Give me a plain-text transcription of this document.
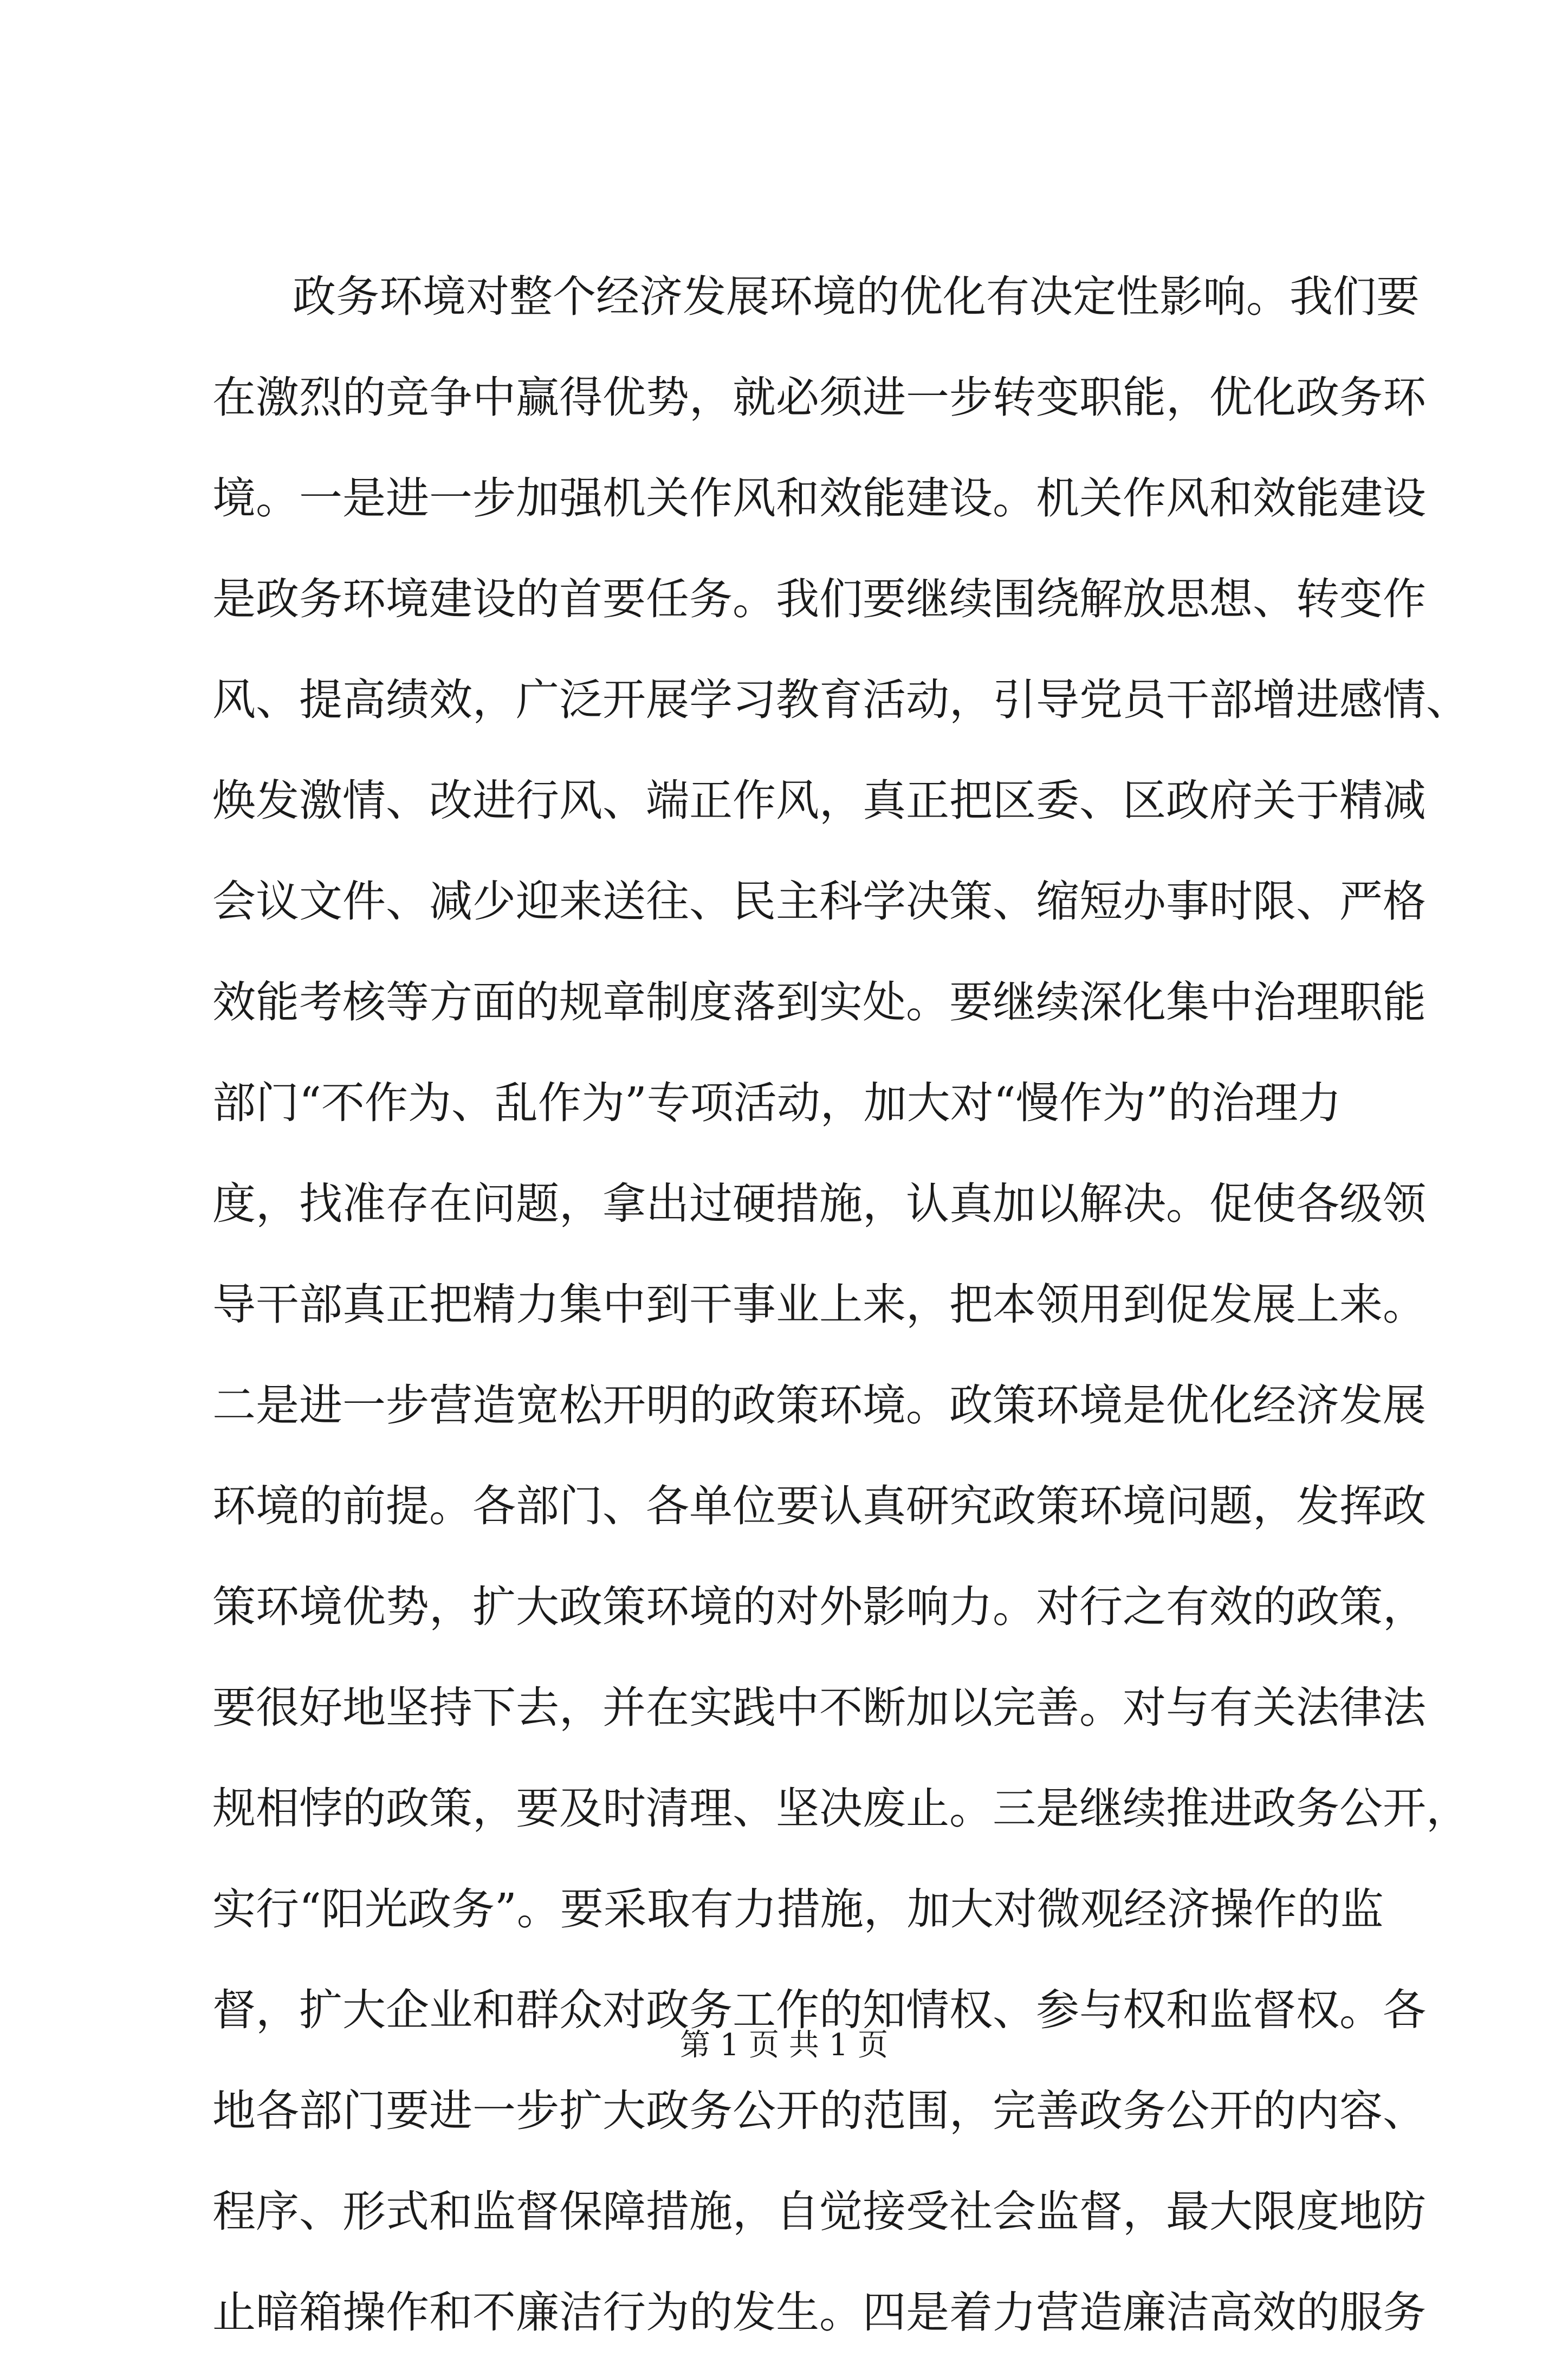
政务环境对整个经济发展环境的优化有决定性影响。我们要
在激烈的竞争中赢得优势，就必须进一步转变职能，优化政务环
境。一是进一步加强机关作风和效能建设。机关作风和效能建设
是政务环境建设的首要任务。我们要继续围绕解放思想、转变作
风、提高绩效，广泛开展学习教育活动，引导党员干部增进感情、
焕发激情、改进行风、端正作风，真正把区委、区政府关于精减
会议文件、减少迎来送往、民主科学决策、缩短办事时限、严格
效能考核等方面的规章制度落到实处。要继续深化集中治理职能
部门“不作为、乱作为”专项活动，加大对“慢作为”的治理力
度，找准存在问题，拿出过硬措施，认真加以解决。促使各级领
导干部真正把精力集中到干事业上来，把本领用到促发展上来。
二是进一步营造宽松开明的政策环境。政策环境是优化经济发展
环境的前提。各部门、各单位要认真研究政策环境问题，发挥政
策环境优势，扩大政策环境的对外影响力。对行之有效的政策，
要很好地坚持下去，并在实践中不断加以完善。对与有关法律法
规相悖的政策，要及时清理、坚决废止。三是继续推进政务公开，
实行“阳光政务”。要采取有力措施，加大对微观经济操作的监
督，扩大企业和群众对政务工作的知情权、参与权和监督权。各
地各部门要进一步扩大政务公开的范围，完善政务公开的内容、
程序、形式和监督保障措施，自觉接受社会监督，最大限度地防
止暗箱操作和不廉洁行为的发生。四是着力营造廉洁高效的服务
第 1 页 共 1 页
